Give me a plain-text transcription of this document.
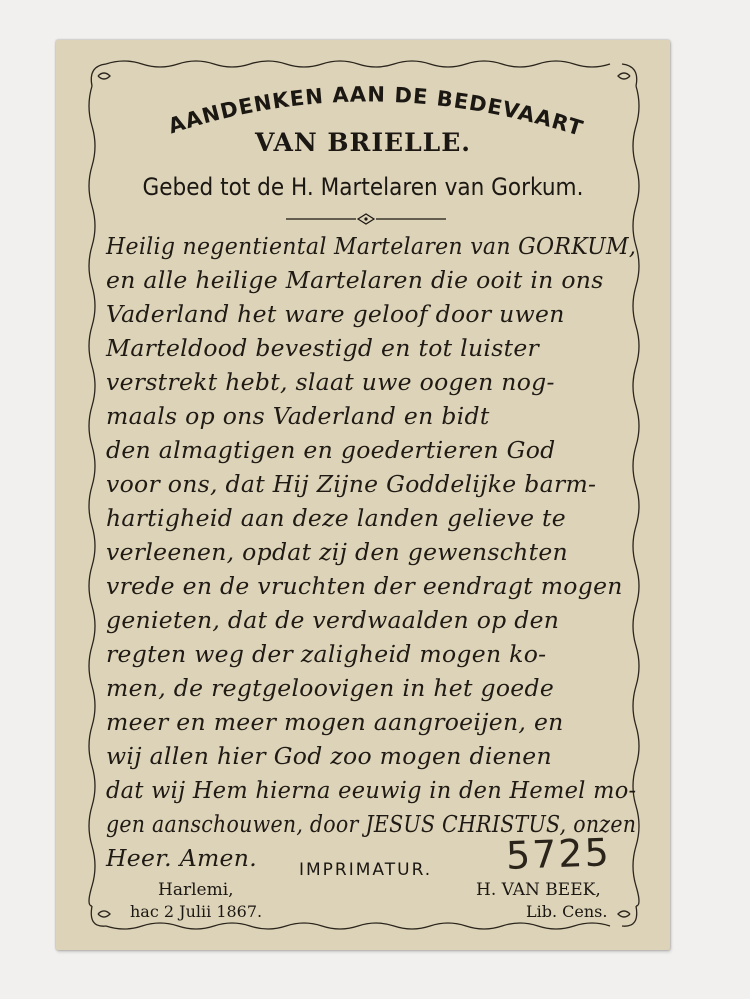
AANDENKEN AAN DE BEDEVAART
VAN BRIELLE.
Gebed tot de H. Martelaren van Gorkum.
Heilig negentiental Martelaren van GORKUM,
en alle heilige Martelaren die ooit in ons
Vaderland het ware geloof door uwen
Marteldood bevestigd en tot luister
verstrekt hebt, slaat uwe oogen nog-
maals op ons Vaderland en bidt
den almagtigen en goedertieren God
voor ons, dat Hij Zijne Goddelijke barm-
hartigheid aan deze landen gelieve te
verleenen, opdat zij den gewenschten
vrede en de vruchten der eendragt mogen
genieten, dat de verdwaalden op den
regten weg der zaligheid mogen ko-
men, de regtgeloovigen in het goede
meer en meer mogen aangroeijen, en
wij allen hier God zoo mogen dienen
dat wij Hem hierna eeuwig in den Hemel mo-
gen aanschouwen, door JESUS CHRISTUS, onzen
Heer. Amen.	IMPRIMATUR. 5725
Harlemi,
hac 2 Julii 1867.
H. VAN BEEK,
Lib. Cens.
